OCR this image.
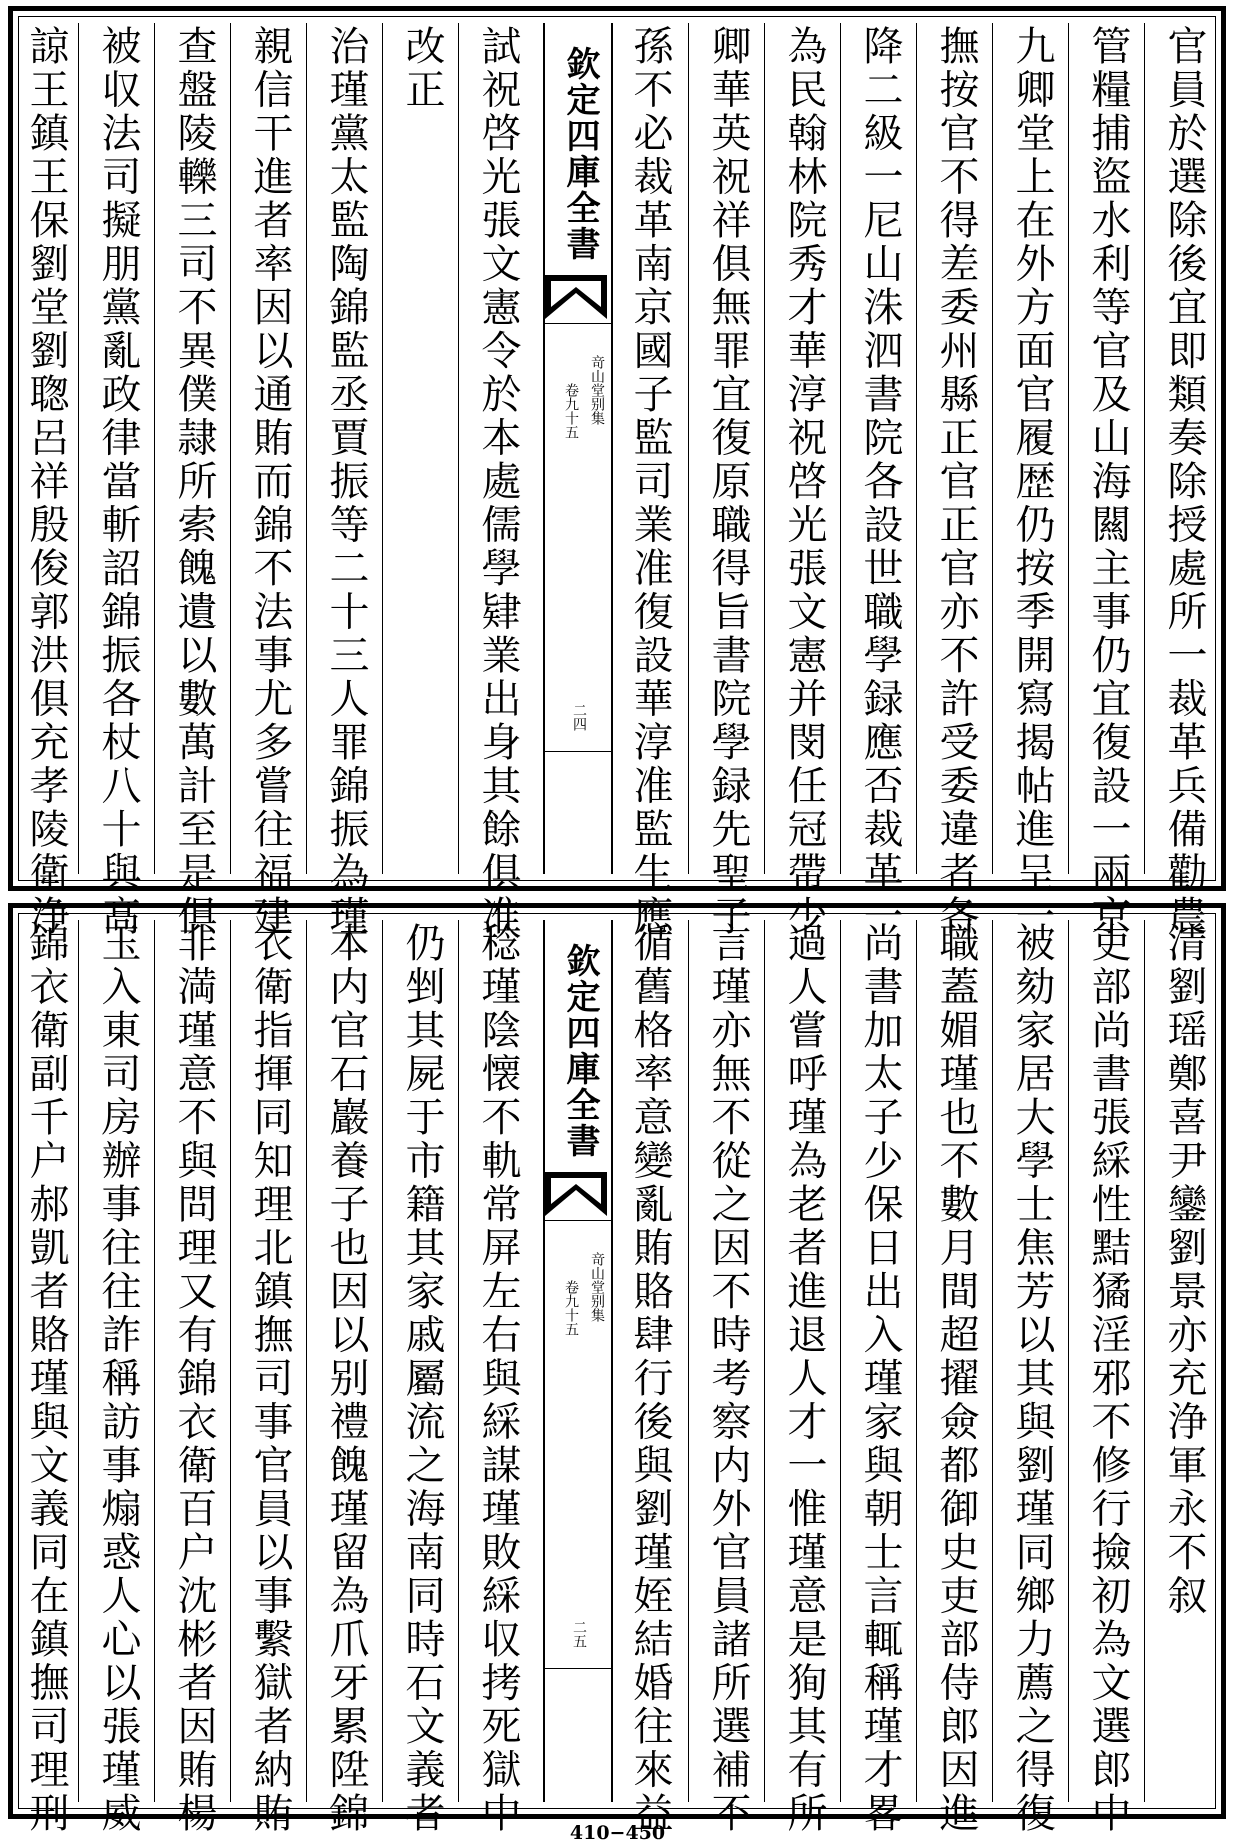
官員於選除後宜即類奏除授處所一裁革兵備勸農
管糧捕盜水利等官及山海闗主事仍宜復設一兩京
九卿堂上在外方面官履歴仍按季開寫揭帖進呈一
撫按官不得差委州縣正官正官亦不許受委違者各
降二級一尼山洙泗書院各設世職學録應否裁革一
為民翰林院秀才華淳祝啓光張文憲并閔任冠帶少
卿華英祝祥俱無罪宜復原職得旨書院學録先聖子
孫不必裁革南京國子監司業准復設華淳准監生應
欽定四庫全書
竒山堂别集
卷九十五
二四
試祝啓光張文憲令於本處儒學肄業出身其餘俱准
改正
治瑾黨太監陶錦監丞賈振等二十三人罪錦振為瑾
親信干進者率因以通賄而錦不法事尤多嘗往福建
查盤陵轢三司不異僕隷所索餽遺以數萬計至是俱
被収法司擬朋黨亂政律當斬詔錦振各杖八十與髙
諒王鎮王保劉堂劉聦呂祥殷俊郭洪俱充孝陵衛浄
清劉瑶鄭喜尹鑾劉景亦充浄軍永不叙
吏部尚書張綵性黠獝淫邪不修行撿初為文選郎中
被劾家居大學士焦芳以其與劉瑾同鄉力薦之得復
職蓋媚瑾也不數月間超擢僉都御史吏部侍郎因進
尚書加太子少保日出入瑾家與朝士言輒稱瑾才畧
過人嘗呼瑾為老者進退人才一惟瑾意是狥其有所
言瑾亦無不從之因不時考察内外官員諸所選補不
循舊格率意變亂賄賂肆行後與劉瑾姪結婚往來益
欽定四庫全書
竒山堂别集
卷九十五
二五
稔瑾陰懐不軌常屏左右與綵謀瑾敗綵収拷死獄中
仍剉其屍于市籍其家戚屬流之海南同時石文義者
本内官石巖養子也因以别禮餽瑾留為爪牙累陞錦
衣衛指揮同知理北鎮撫司事官員以事繫獄者納賄
非満瑾意不與問理又有錦衣衛百户沈彬者因賄楊
玉入東司房辦事往往詐稱訪事煽惑人心以張瑾威
錦衣衛副千户郝凱者賂瑾與文義同在鎮撫司理刑	410−450
